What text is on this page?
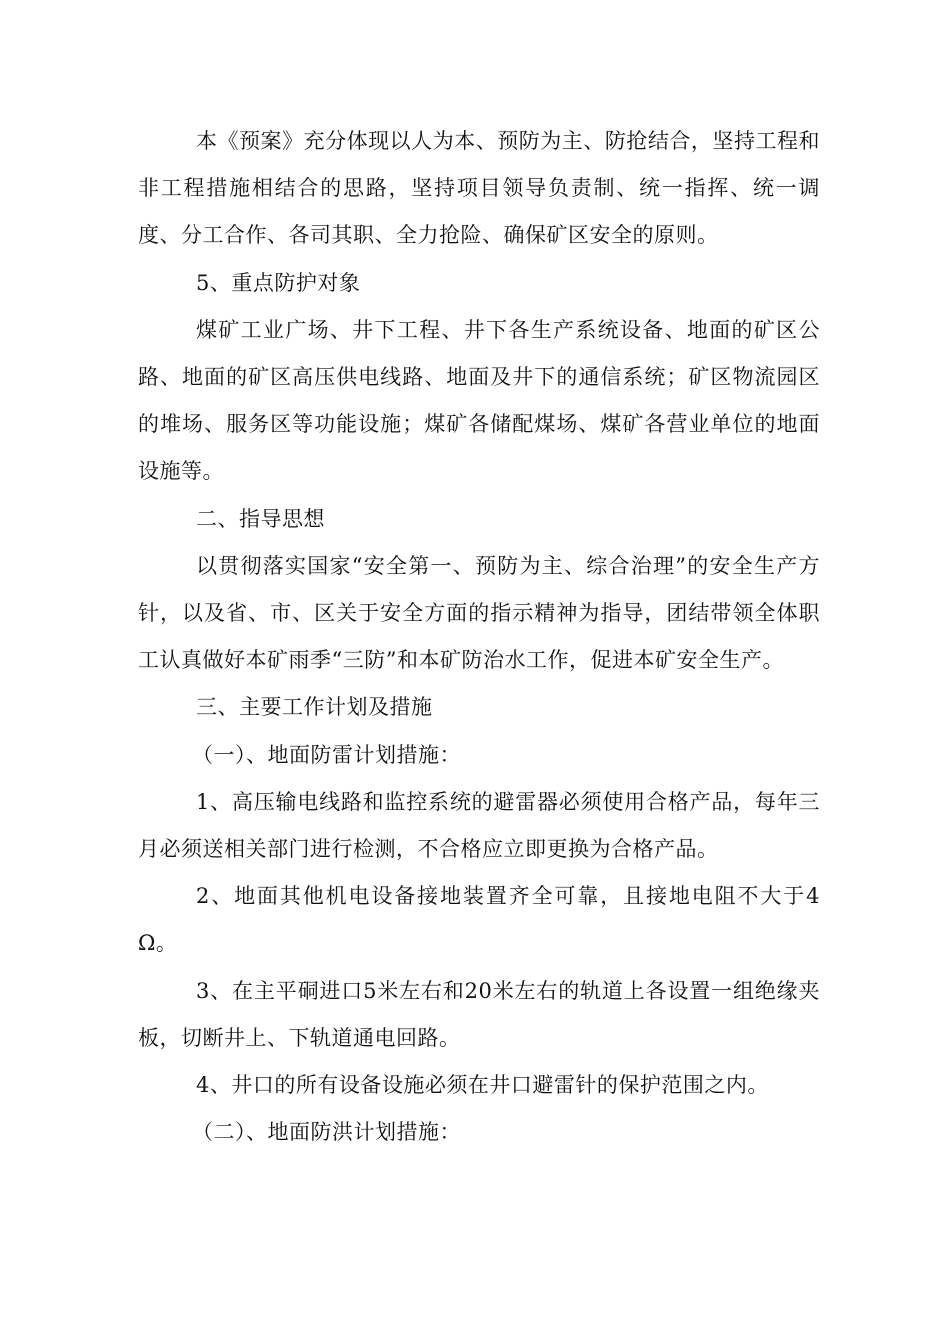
本《预案》充分体现以人为本、预防为主、防抢结合，坚持工程和非工程措施相结合的思路，坚持项目领导负责制、统一指挥、统一调度、分工合作、各司其职、全力抢险、确保矿区安全的原则。

5、重点防护对象

煤矿工业广场、井下工程、井下各生产系统设备、地面的矿区公路、地面的矿区高压供电线路、地面及井下的通信系统；矿区物流园区的堆场、服务区等功能设施；煤矿各储配煤场、煤矿各营业单位的地面设施等。

二、指导思想

以贯彻落实国家“安全第一、预防为主、综合治理”的安全生产方针，以及省、市、区关于安全方面的指示精神为指导，团结带领全体职工认真做好本矿雨季“三防”和本矿防治水工作，促进本矿安全生产。

三、主要工作计划及措施

（一）、地面防雷计划措施：

1、高压输电线路和监控系统的避雷器必须使用合格产品，每年三月必须送相关部门进行检测，不合格应立即更换为合格产品。

2、地面其他机电设备接地装置齐全可靠，且接地电阻不大于4Ω。

3、在主平硐进口5米左右和20米左右的轨道上各设置一组绝缘夹板，切断井上、下轨道通电回路。

4、井口的所有设备设施必须在井口避雷针的保护范围之内。

（二）、地面防洪计划措施：
